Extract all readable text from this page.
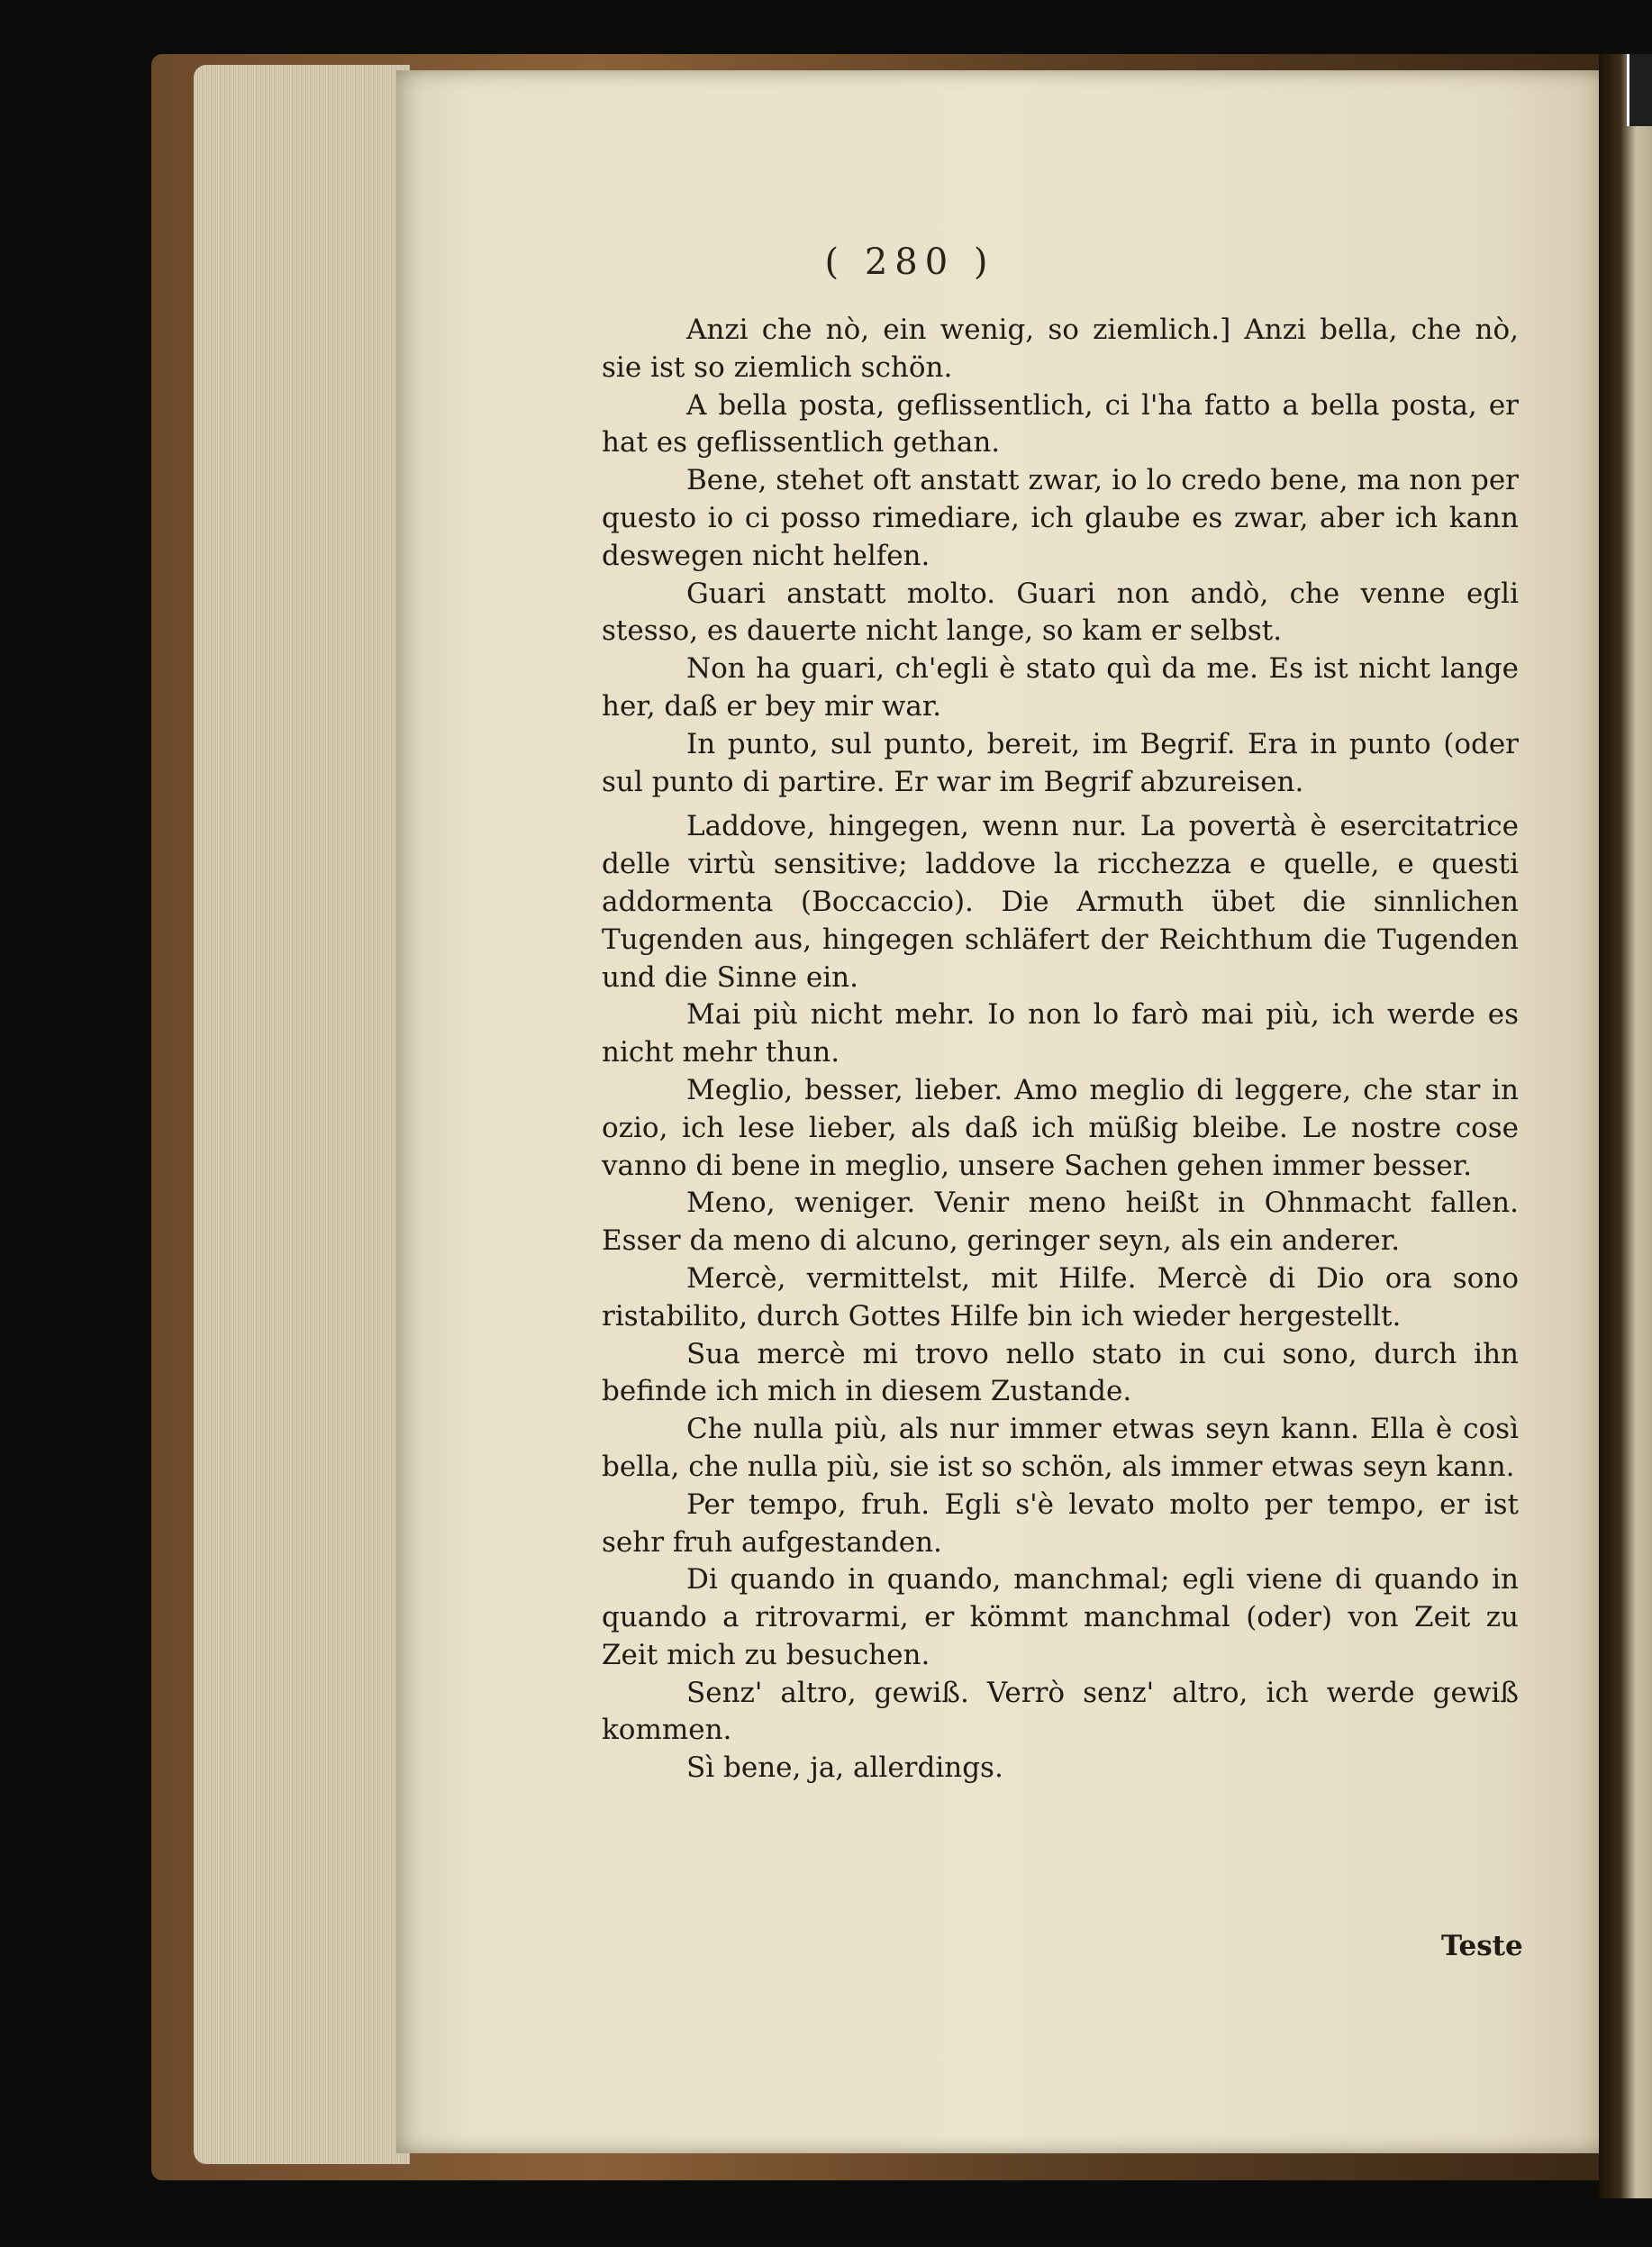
( 280 )

Anzi che nò, ein wenig, so ziemlich.] Anzi bella, che nò, sie ist so ziemlich schön.

A bella posta, geflissentlich, ci l'ha fatto a bella posta, er hat es geflissentlich gethan.

Bene, stehet oft anstatt zwar, io lo credo bene, ma non per questo io ci posso rimediare, ich glaube es zwar, aber ich kann deswegen nicht helfen.

Guari anstatt molto. Guari non andò, che venne egli stesso, es dauerte nicht lange, so kam er selbst.

Non ha guari, ch'egli è stato quì da me. Es ist nicht lange her, daß er bey mir war.

In punto, sul punto, bereit, im Begrif. Era in punto (oder sul punto di partire. Er war im Begrif abzureisen.

Laddove, hingegen, wenn nur. La povertà è esercitatrice delle virtù sensitive; laddove la ricchezza e quelle, e questi addormenta (Boccaccio). Die Armuth übet die sinnlichen Tugenden aus, hingegen schläfert der Reichthum die Tugenden und die Sinne ein.

Mai più nicht mehr. Io non lo farò mai più, ich werde es nicht mehr thun.

Meglio, besser, lieber. Amo meglio di leggere, che star in ozio, ich lese lieber, als daß ich müßig bleibe. Le nostre cose vanno di bene in meglio, unsere Sachen gehen immer besser.

Meno, weniger. Venir meno heißt in Ohnmacht fallen. Esser da meno di alcuno, geringer seyn, als ein anderer.

Mercè, vermittelst, mit Hilfe. Mercè di Dio ora sono ristabilito, durch Gottes Hilfe bin ich wieder hergestellt.

Sua mercè mi trovo nello stato in cui sono, durch ihn befinde ich mich in diesem Zustande.

Che nulla più, als nur immer etwas seyn kann. Ella è così bella, che nulla più, sie ist so schön, als immer etwas seyn kann.

Per tempo, fruh. Egli s'è levato molto per tempo, er ist sehr fruh aufgestanden.

Di quando in quando, manchmal; egli viene di quando in quando a ritrovarmi, er kömmt manchmal (oder) von Zeit zu Zeit mich zu besuchen.

Senz' altro, gewiß. Verrò senz' altro, ich werde gewiß kommen.

Sì bene, ja, allerdings.

Teste
